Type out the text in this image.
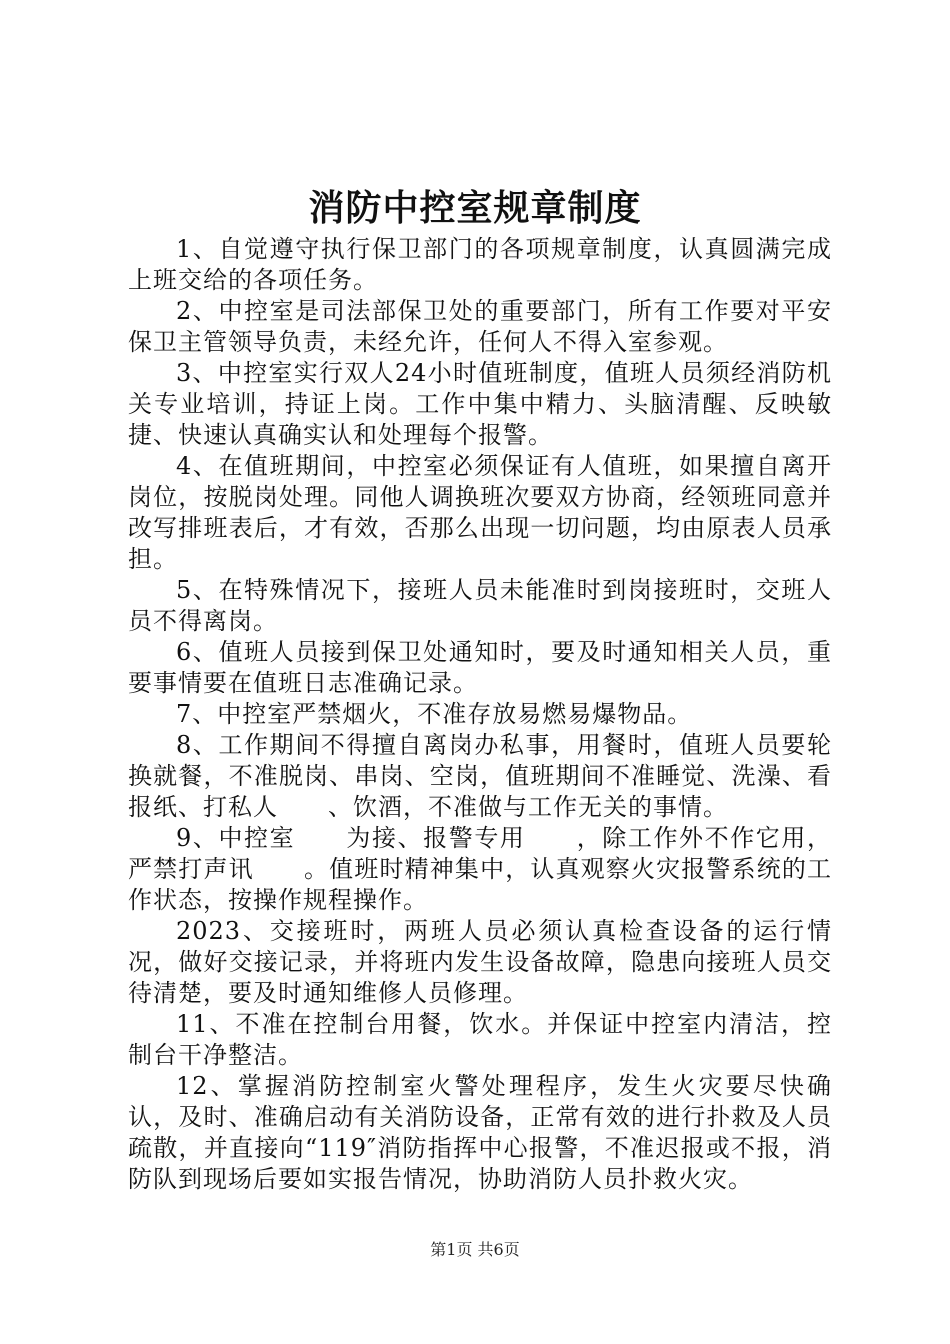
消防中控室规章制度

1、自觉遵守执行保卫部门的各项规章制度，认真圆满完成上班交给的各项任务。

2、中控室是司法部保卫处的重要部门，所有工作要对平安保卫主管领导负责，未经允许，任何人不得入室参观。

3、中控室实行双人24小时值班制度，值班人员须经消防机关专业培训，持证上岗。工作中集中精力、头脑清醒、反映敏捷、快速认真确实认和处理每个报警。

4、在值班期间，中控室必须保证有人值班，如果擅自离开岗位，按脱岗处理。同他人调换班次要双方协商，经领班同意并改写排班表后，才有效，否那么出现一切问题，均由原表人员承担。

5、在特殊情况下，接班人员未能准时到岗接班时，交班人员不得离岗。

6、值班人员接到保卫处通知时，要及时通知相关人员，重要事情要在值班日志准确记录。

7、中控室严禁烟火，不准存放易燃易爆物品。

8、工作期间不得擅自离岗办私事，用餐时，值班人员要轮换就餐，不准脱岗、串岗、空岗，值班期间不准睡觉、洗澡、看报纸、打私人　　、饮酒，不准做与工作无关的事情。

9、中控室　　为接、报警专用　　，除工作外不作它用，严禁打声讯　　。值班时精神集中，认真观察火灾报警系统的工作状态，按操作规程操作。

2023、交接班时，两班人员必须认真检查设备的运行情况，做好交接记录，并将班内发生设备故障，隐患向接班人员交待清楚，要及时通知维修人员修理。

11、不准在控制台用餐，饮水。并保证中控室内清洁，控制台干净整洁。

12、掌握消防控制室火警处理程序，发生火灾要尽快确认，及时、准确启动有关消防设备，正常有效的进行扑救及人员疏散，并直接向“119″消防指挥中心报警，不准迟报或不报，消防队到现场后要如实报告情况，协助消防人员扑救火灾。

第1页 共6页
